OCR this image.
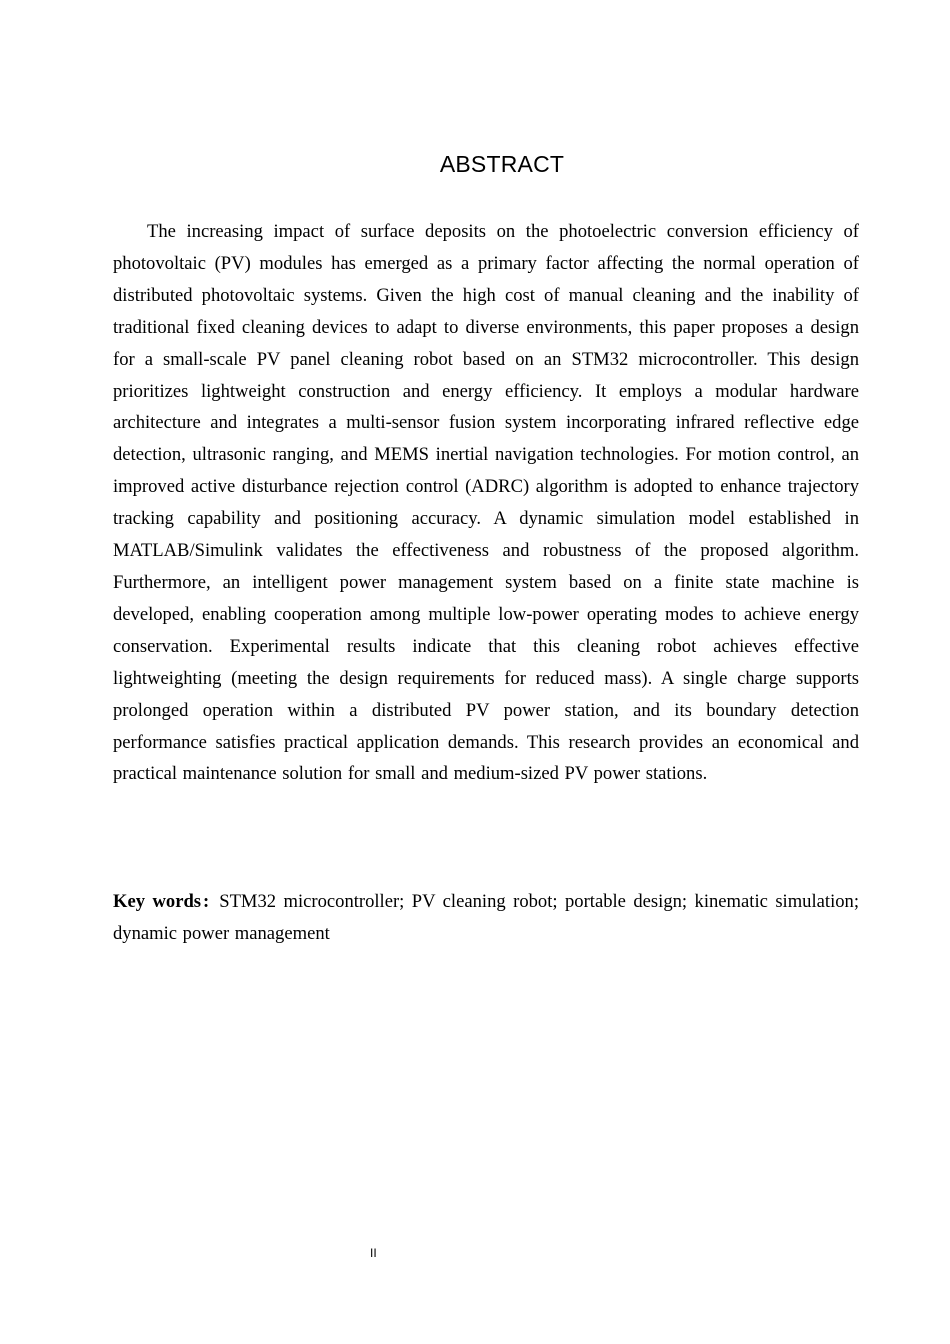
ABSTRACT

The increasing impact of surface deposits on the photoelectric conversion efficiency of photovoltaic (PV) modules has emerged as a primary factor affecting the normal operation of distributed photovoltaic systems. Given the high cost of manual cleaning and the inability of traditional fixed cleaning devices to adapt to diverse environments, this paper proposes a design for a small-scale PV panel cleaning robot based on an STM32 microcontroller. This design prioritizes lightweight construction and energy efficiency. It employs a modular hardware architecture and integrates a multi-sensor fusion system incorporating infrared reflective edge detection, ultrasonic ranging, and MEMS inertial navigation technologies. For motion control, an improved active disturbance rejection control (ADRC) algorithm is adopted to enhance trajectory tracking capability and positioning accuracy. A dynamic simulation model established in MATLAB/Simulink validates the effectiveness and robustness of the proposed algorithm. Furthermore, an intelligent power management system based on a finite state machine is developed, enabling cooperation among multiple low-power operating modes to achieve energy conservation. Experimental results indicate that this cleaning robot achieves effective lightweighting (meeting the design requirements for reduced mass). A single charge supports prolonged operation within a distributed PV power station, and its boundary detection performance satisfies practical application demands. This research provides an economical and practical maintenance solution for small and medium-sized PV power stations.

Key words : STM32 microcontroller; PV cleaning robot; portable design; kinematic simulation; dynamic power management

II
